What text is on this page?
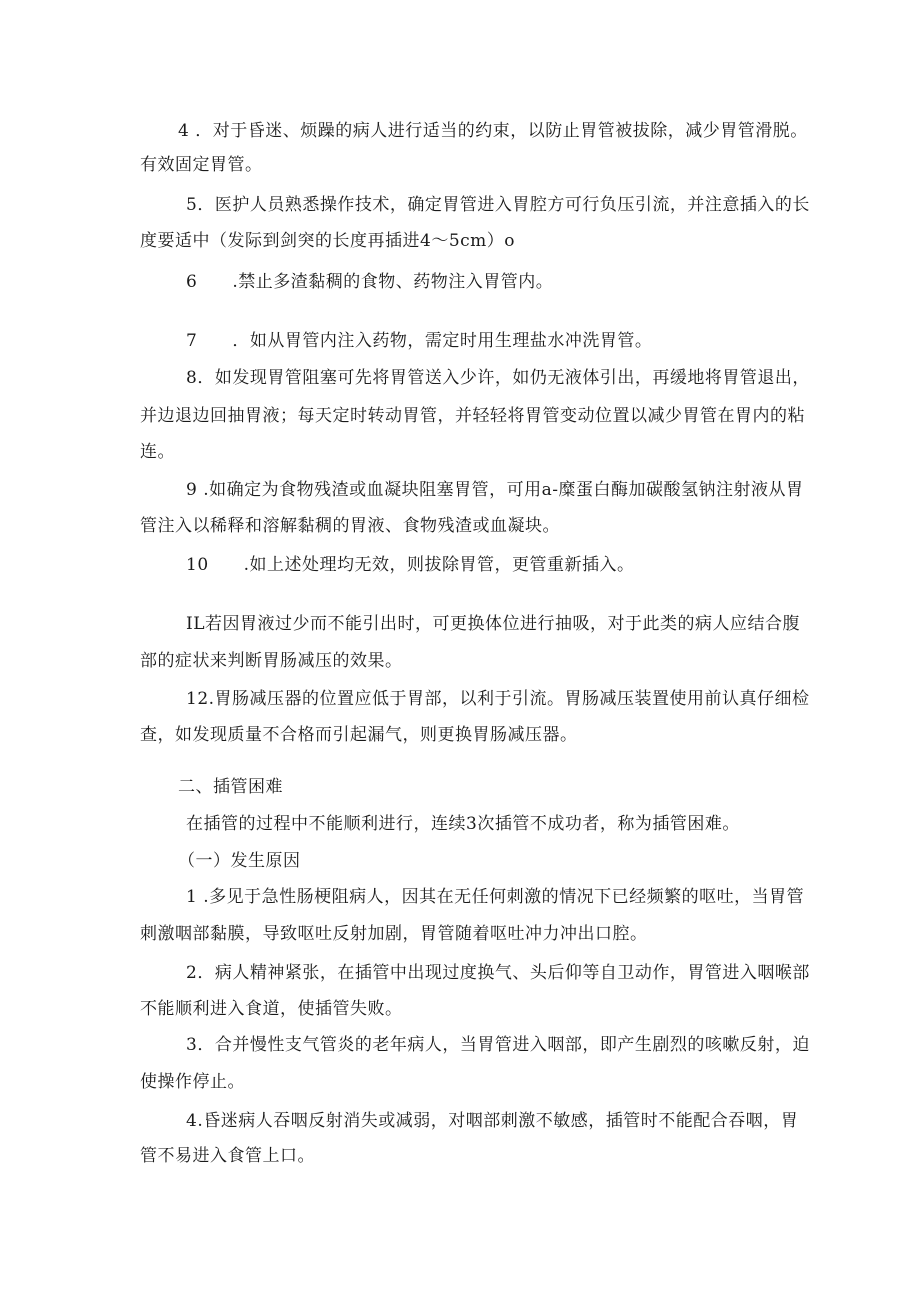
4 ．对于昏迷、烦躁的病人进行适当的约束，以防止胃管被拔除，减少胃管滑脱。

有效固定胃管。

5．医护人员熟悉操作技术，确定胃管进入胃腔方可行负压引流，并注意插入的长

度要适中（发际到剑突的长度再插进4～5cm）o

6　　.禁止多渣黏稠的食物、药物注入胃管内。

7　　．如从胃管内注入药物，需定时用生理盐水冲洗胃管。

8．如发现胃管阻塞可先将胃管送入少许，如仍无液体引出，再缓地将胃管退出，

并边退边回抽胃液；每天定时转动胃管，并轻轻将胃管变动位置以减少胃管在胃内的粘

连。

9 .如确定为食物残渣或血凝块阻塞胃管，可用a-糜蛋白酶加碳酸氢钠注射液从胃

管注入以稀释和溶解黏稠的胃液、食物残渣或血凝块。

10　　.如上述处理均无效，则拔除胃管，更管重新插入。

IL若因胃液过少而不能引出时，可更换体位进行抽吸，对于此类的病人应结合腹

部的症状来判断胃肠减压的效果。

12.胃肠减压器的位置应低于胃部，以利于引流。胃肠减压装置使用前认真仔细检

查，如发现质量不合格而引起漏气，则更换胃肠减压器。

二、插管困难

在插管的过程中不能顺利进行，连续3次插管不成功者，称为插管困难。

（一）发生原因

1 .多见于急性肠梗阻病人，因其在无任何刺激的情况下已经频繁的呕吐，当胃管

刺激咽部黏膜，导致呕吐反射加剧，胃管随着呕吐冲力冲出口腔。

2．病人精神紧张，在插管中出现过度换气、头后仰等自卫动作，胃管进入咽喉部

不能顺利进入食道，使插管失败。

3．合并慢性支气管炎的老年病人，当胃管进入咽部，即产生剧烈的咳嗽反射，迫

使操作停止。

4.昏迷病人吞咽反射消失或减弱，对咽部刺激不敏感，插管时不能配合吞咽，胃

管不易进入食管上口。
